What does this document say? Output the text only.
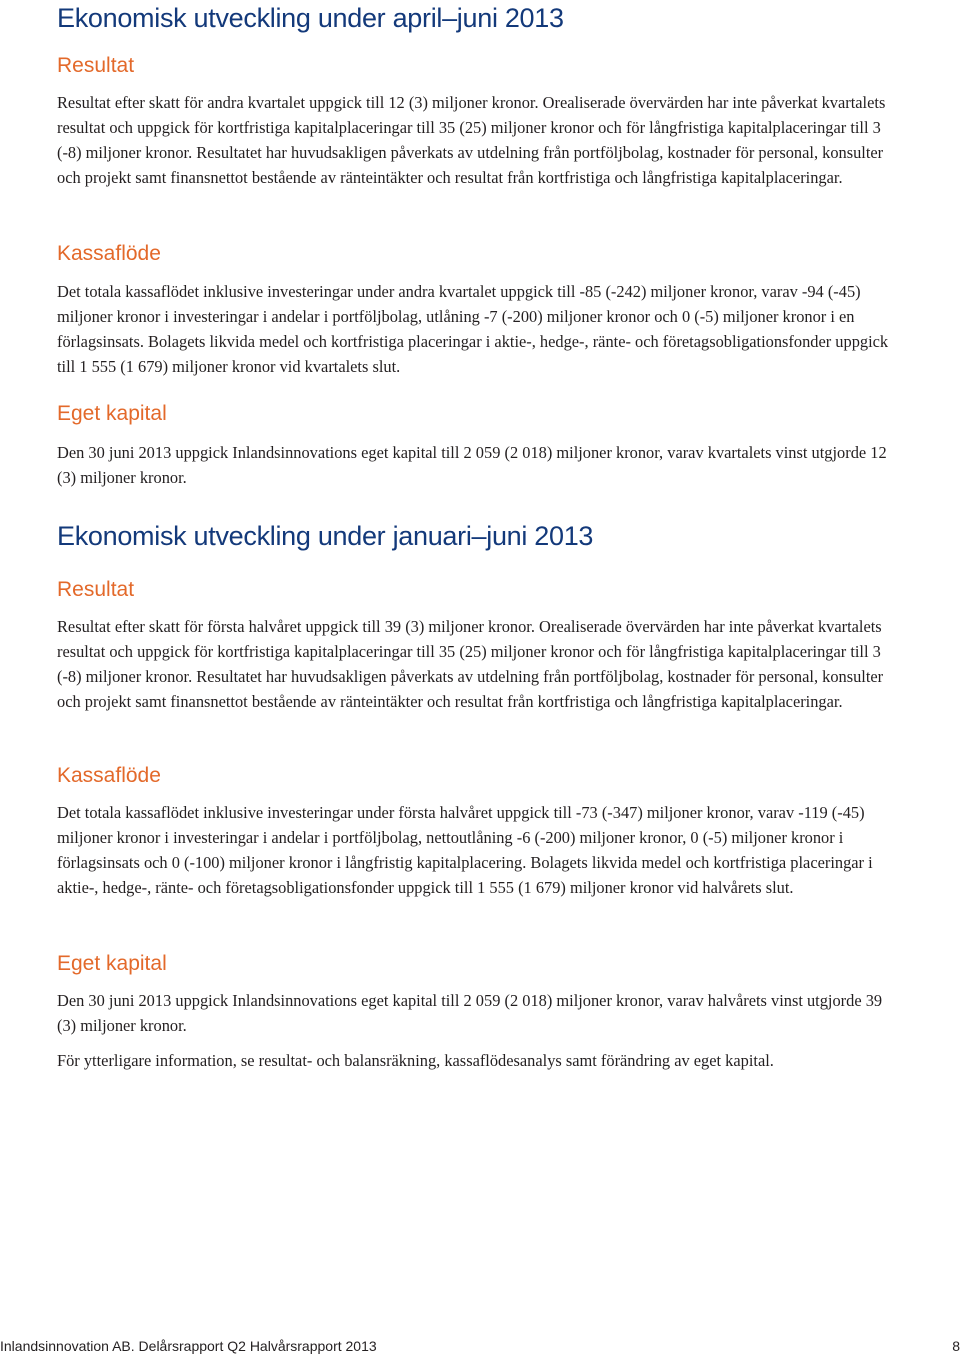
Ekonomisk utveckling under april–juni 2013
Resultat

Resultat efter skatt för andra kvartalet uppgick till 12 (3) miljoner kronor. Orealiserade övervärden har inte påverkat kvartalets resultat och uppgick för kortfristiga kapitalplaceringar till 35 (25) miljoner kronor och för långfristiga kapitalplaceringar till 3 (-8) miljoner kronor. Resultatet har huvudsakligen påverkats av utdelning från portföljbolag, kostnader för personal, konsulter och projekt samt finansnettot bestående av ränteintäkter och resultat från kortfristiga och långfristiga kapitalplaceringar.

Kassaflöde

Det totala kassaflödet inklusive investeringar under andra kvartalet uppgick till -85 (-242) miljoner kronor, varav -94 (-45) miljoner kronor i investeringar i andelar i portföljbolag, utlåning -7 (-200) miljoner kronor och 0 (-5) miljoner kronor i en förlagsinsats. Bolagets likvida medel och kortfristiga placeringar i aktie-, hedge-, ränte- och företagsobligationsfonder uppgick till 1 555 (1 679) miljoner kronor vid kvartalets slut.

Eget kapital

Den 30 juni 2013 uppgick Inlandsinnovations eget kapital till 2 059 (2 018) miljoner kronor, varav kvartalets vinst utgjorde 12 (3) miljoner kronor.

Ekonomisk utveckling under januari–juni 2013
Resultat

Resultat efter skatt för första halvåret uppgick till 39 (3) miljoner kronor. Orealiserade övervärden har inte påverkat kvartalets resultat och uppgick för kortfristiga kapitalplaceringar till 35 (25) miljoner kronor och för långfristiga kapitalplaceringar till 3 (-8) miljoner kronor. Resultatet har huvudsakligen påverkats av utdelning från portföljbolag, kostnader för personal, konsulter och projekt samt finansnettot bestående av ränteintäkter och resultat från kortfristiga och långfristiga kapitalplaceringar.

Kassaflöde

Det totala kassaflödet inklusive investeringar under första halvåret uppgick till -73 (-347) miljoner kronor, varav -119 (-45) miljoner kronor i investeringar i andelar i portföljbolag, nettoutlåning -6 (-200) miljoner kronor, 0 (-5) miljoner kronor i förlagsinsats och 0 (-100) miljoner kronor i långfristig kapitalplacering. Bolagets likvida medel och kortfristiga placeringar i aktie-, hedge-, ränte- och företagsobligationsfonder uppgick till 1 555 (1 679) miljoner kronor vid halvårets slut.

Eget kapital

Den 30 juni 2013 uppgick Inlandsinnovations eget kapital till 2 059 (2 018) miljoner kronor, varav halvårets vinst utgjorde 39 (3) miljoner kronor.

För ytterligare information, se resultat- och balansräkning, kassaflödesanalys samt förändring av eget kapital.

Inlandsinnovation AB. Delårsrapport Q2 Halvårsrapport 2013	8
